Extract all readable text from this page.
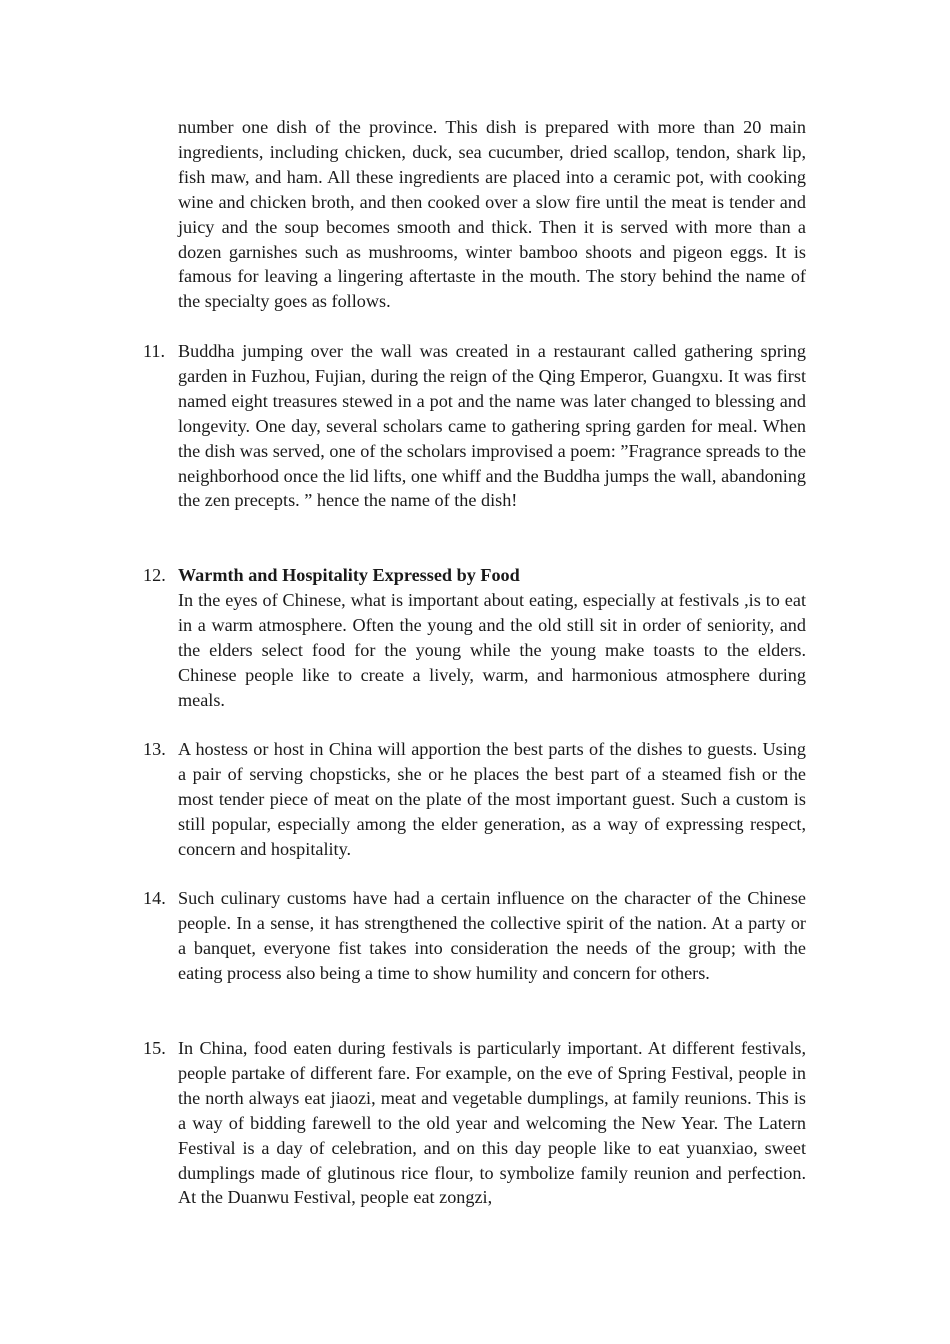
number one dish of the province. This dish is prepared with more than 20 main ingredients, including chicken, duck, sea cucumber, dried scallop, tendon, shark lip, fish maw, and ham. All these ingredients are placed into a ceramic pot, with cooking wine and chicken broth, and then cooked over a slow fire until the meat is tender and juicy and the soup becomes smooth and thick. Then it is served with more than a dozen garnishes such as mushrooms, winter bamboo shoots and pigeon eggs. It is famous for leaving a lingering aftertaste in the mouth. The story behind the name of the specialty goes as follows.

11. Buddha jumping over the wall was created in a restaurant called gathering spring garden in Fuzhou, Fujian, during the reign of the Qing Emperor, Guangxu. It was first named eight treasures stewed in a pot and the name was later changed to blessing and longevity. One day, several scholars came to gathering spring garden for meal. When the dish was served, one of the scholars improvised a poem: ”Fragrance spreads to the neighborhood once the lid lifts, one whiff and the Buddha jumps the wall, abandoning the zen precepts. ” hence the name of the dish!

12. Warmth and Hospitality Expressed by Food
In the eyes of Chinese, what is important about eating, especially at festivals ,is to eat in a warm atmosphere. Often the young and the old still sit in order of seniority, and the elders select food for the young while the young make toasts to the elders. Chinese people like to create a lively, warm, and harmonious atmosphere during meals.
13. A hostess or host in China will apportion the best parts of the dishes to guests. Using a pair of serving chopsticks, she or he places the best part of a steamed fish or the most tender piece of meat on the plate of the most important guest. Such a custom is still popular, especially among the elder generation, as a way of expressing respect, concern and hospitality.

14. Such culinary customs have had a certain influence on the character of the Chinese people. In a sense, it has strengthened the collective spirit of the nation. At a party or a banquet, everyone fist takes into consideration the needs of the group; with the eating process also being a time to show humility and concern for others.

15. In China, food eaten during festivals is particularly important. At different festivals, people partake of different fare. For example, on the eve of Spring Festival, people in the north always eat jiaozi, meat and vegetable dumplings, at family reunions. This is a way of bidding farewell to the old year and welcoming the New Year. The Latern Festival is a day of celebration, and on this day people like to eat yuanxiao, sweet dumplings made of glutinous rice flour, to symbolize family reunion and perfection. At the Duanwu Festival, people eat zongzi,
